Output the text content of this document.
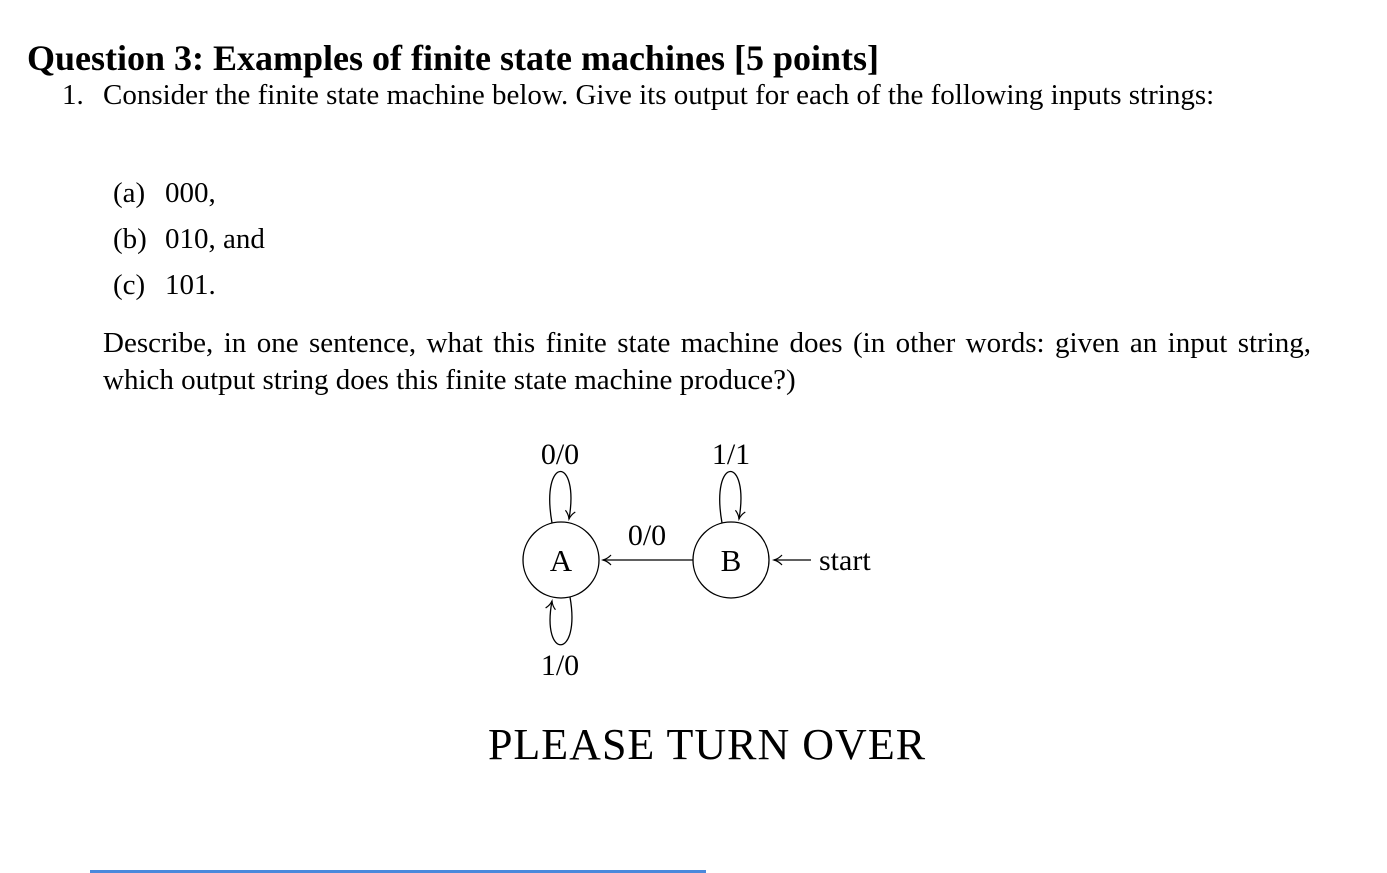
Question 3: Examples of finite state machines [5 points]
1. Consider the finite state machine below. Give its output for each of the following inputs strings:
(a) 000,
(b) 010, and
(c) 101.
Describe, in one sentence, what this finite state machine does (in other words: given an input string, which output string does this finite state machine produce?)
A	B
0/0
1/0
1/1
0/0
start
PLEASE TURN OVER
